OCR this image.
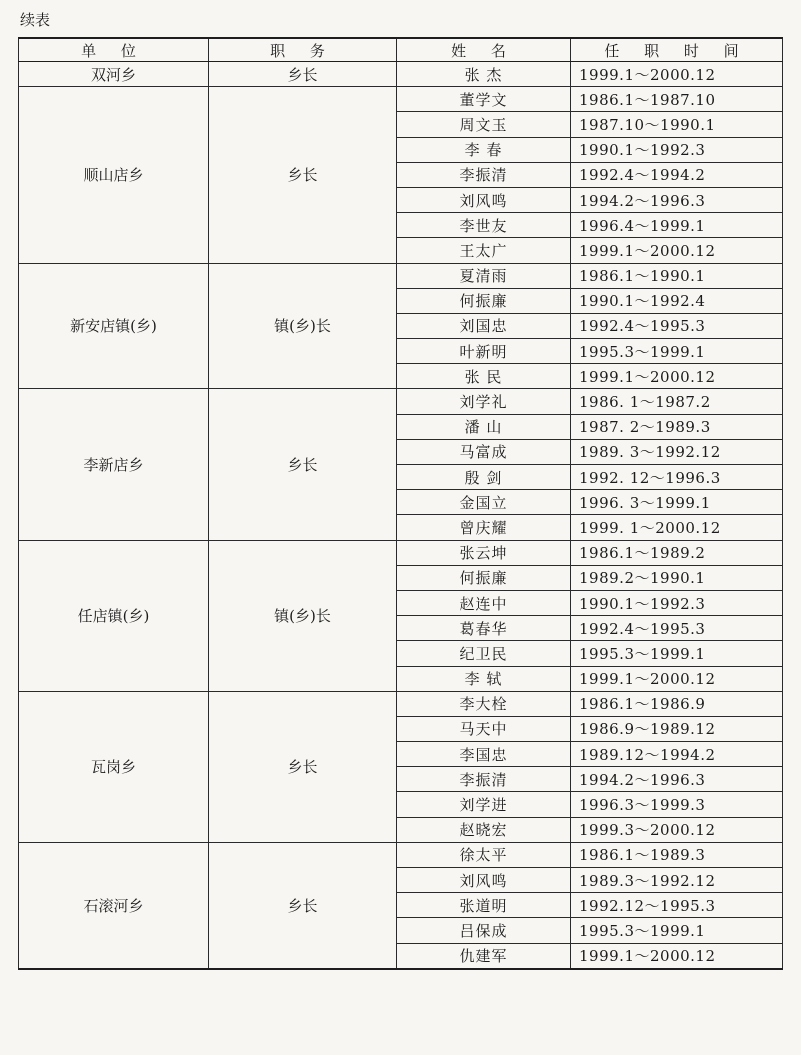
续表
单 位	职 务	姓 名	任 职 时 间
双河乡	乡长	张 杰	1999.1～2000.12
顺山店乡	乡长	董学文	1986.1～1987.10
		周文玉	1987.10～1990.1
		李 春	1990.1～1992.3
		李振清	1992.4～1994.2
		刘风鸣	1994.2～1996.3
		李世友	1996.4～1999.1
		王太广	1999.1～2000.12
新安店镇(乡)	镇(乡)长	夏清雨	1986.1～1990.1
		何振廉	1990.1～1992.4
		刘国忠	1992.4～1995.3
		叶新明	1995.3～1999.1
		张 民	1999.1～2000.12
李新店乡	乡长	刘学礼	1986. 1～1987.2
		潘 山	1987. 2～1989.3
		马富成	1989. 3～1992.12
		殷 剑	1992. 12～1996.3
		金国立	1996. 3～1999.1
		曾庆耀	1999. 1～2000.12
任店镇(乡)	镇(乡)长	张云坤	1986.1～1989.2
		何振廉	1989.2～1990.1
		赵连中	1990.1～1992.3
		葛春华	1992.4～1995.3
		纪卫民	1995.3～1999.1
		李 轼	1999.1～2000.12
瓦岗乡	乡长	李大栓	1986.1～1986.9
		马天中	1986.9～1989.12
		李国忠	1989.12～1994.2
		李振清	1994.2～1996.3
		刘学进	1996.3～1999.3
		赵晓宏	1999.3～2000.12
石滚河乡	乡长	徐太平	1986.1～1989.3
		刘风鸣	1989.3～1992.12
		张道明	1992.12～1995.3
		吕保成	1995.3～1999.1
		仇建军	1999.1～2000.12
